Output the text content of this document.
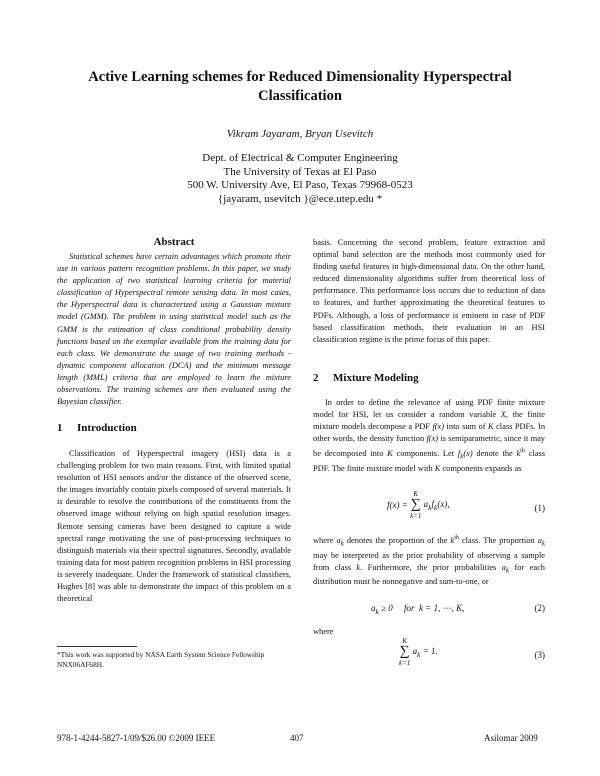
Active Learning schemes for Reduced Dimensionality Hyperspectral
Classification
Vikram Jayaram, Bryan Usevitch
Dept. of Electrical & Computer Engineering
The University of Texas at El Paso
500 W. University Ave, El Paso, Texas 79968-0523
{jayaram, usevitch }@ece.utep.edu *
Abstract
Statistical schemes have certain advantages which promote their use in various pattern recognition problems. In this paper, we study the application of two statistical learning criteria for material classification of Hyperspectral remote sensing data. In most cases, the Hyperspectral data is characterized using a Gaussian mixture model (GMM). The problem in using statistical model such as the GMM is the estimation of class conditional probability density functions based on the exemplar available from the training data for each class. We demonstrate the usage of two training methods - dynamic component allocation (DCA) and the minimum message length (MML) criteria that are employed to learn the mixture observations. The training schemes are then evaluated using the Bayesian classifier.
1 Introduction
Classification of Hyperspectral imagery (HSI) data is a challenging problem for two main reasons. First, with limited spatial resolution of HSI sensors and/or the distance of the observed scene, the images invariably contain pixels composed of several materials. It is desirable to resolve the contributions of the constituents from the observed image without relying on high spatial resolution images. Remote sensing cameras have been designed to capture a wide spectral range motivating the use of post-processing techniques to distinguish materials via their spectral signatures. Secondly, available training data for most pattern recognition problems in HSI processing is severely inadequate. Under the framework of statistical classifiers, Hughes [8] was able to demonstrate the impact of this problem on a theoretical
*This work was supported by NASA Earth System Science Fellowship NNX06AF68H.
basis. Concerning the second problem, feature extraction and optimal band selection are the methods most commonly used for finding useful features in high-dimensional data. On the other hand, reduced dimensionality algorithms suffer from theoretical loss of performance. This performance loss occurs due to reduction of data to features, and further approximating the theoretical features to PDFs. Although, a loss of performance is eminent in case of PDF based classification methods, their evaluation in an HSI classification regime is the prime focus of this paper.
2 Mixture Modeling
In order to define the relevance of using PDF finite mixture model for HSI, let us consider a random variable X, the finite mixture models decompose a PDF f(x) into sum of K class PDFs. In other words, the density function f(x) is semiparametric, since it may be decomposed into K components. Let $f_k(x)$ denote the $k^{th}$ class PDF. The finite mixture model with K components expands as
f(x) =
K
∑
k=1
$a_kf_k(x)$,	(1)
where $a_k$ denotes the proportion of the $k^{th}$ class. The proportion $a_k$ may be interpreted as the prior probability of observing a sample from class k. Furthermore, the prior probabilities $a_k$ for each distribution must be nonnegative and sum-to-one, or
$a_k \ge 0$     for  k = 1, ⋯, K,	(2)
where
K
∑
k=1
$a_k = 1$.	(3)
978-1-4244-5827-1/09/$26.00 ©2009 IEEE	407	Asilomar 2009
